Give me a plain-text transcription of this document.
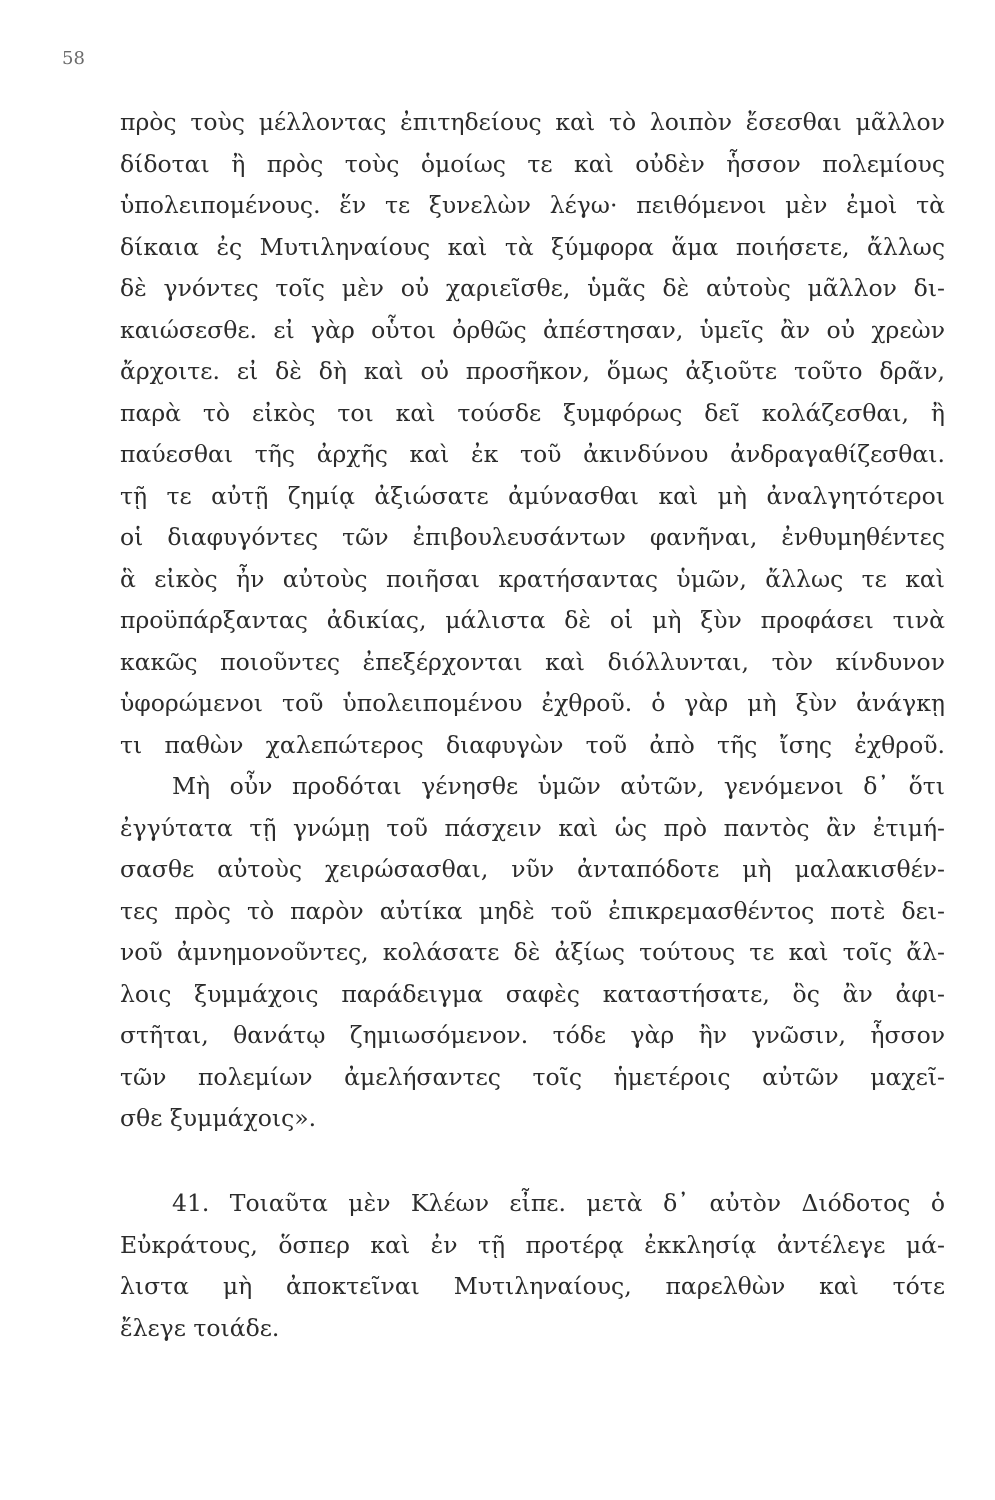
58
πρὸς τοὺς μέλλοντας ἐπιτηδείους καὶ τὸ λοιπὸν ἔσεσθαι μᾶλλον
δίδοται ἢ πρὸς τοὺς ὁμοίως τε καὶ οὐδὲν ἧσσον πολεμίους
ὑπολειπομένους. ἕν τε ξυνελὼν λέγω· πειθόμενοι μὲν ἐμοὶ τὰ
δίκαια ἐς Μυτιληναίους καὶ τὰ ξύμφορα ἅμα ποιήσετε, ἄλλως
δὲ γνόντες τοῖς μὲν οὐ χαριεῖσθε, ὑμᾶς δὲ αὐτοὺς μᾶλλον δι-
καιώσεσθε. εἰ γὰρ οὗτοι ὀρθῶς ἀπέστησαν, ὑμεῖς ἂν οὐ χρεὼν
ἄρχοιτε. εἰ δὲ δὴ καὶ οὐ προσῆκον, ὅμως ἀξιοῦτε τοῦτο δρᾶν,
παρὰ τὸ εἰκὸς τοι καὶ τούσδε ξυμφόρως δεῖ κολάζεσθαι, ἢ
παύεσθαι τῆς ἀρχῆς καὶ ἐκ τοῦ ἀκινδύνου ἀνδραγαθίζεσθαι.
τῇ τε αὐτῇ ζημίᾳ ἀξιώσατε ἀμύνασθαι καὶ μὴ ἀναλγητότεροι
οἱ διαφυγόντες τῶν ἐπιβουλευσάντων φανῆναι, ἐνθυμηθέντες
ἃ εἰκὸς ἦν αὐτοὺς ποιῆσαι κρατήσαντας ὑμῶν, ἄλλως τε καὶ
προϋπάρξαντας ἀδικίας, μάλιστα δὲ οἱ μὴ ξὺν προφάσει τινὰ
κακῶς ποιοῦντες ἐπεξέρχονται καὶ διόλλυνται, τὸν κίνδυνον
ὑφορώμενοι τοῦ ὑπολειπομένου ἐχθροῦ. ὁ γὰρ μὴ ξὺν ἀνάγκῃ
τι παθὼν χαλεπώτερος διαφυγὼν τοῦ ἀπὸ τῆς ἴσης ἐχθροῦ.
Μὴ οὖν προδόται γένησθε ὑμῶν αὐτῶν, γενόμενοι δ᾽ ὅτι
ἐγγύτατα τῇ γνώμῃ τοῦ πάσχειν καὶ ὡς πρὸ παντὸς ἂν ἐτιμή-
σασθε αὐτοὺς χειρώσασθαι, νῦν ἀνταπόδοτε μὴ μαλακισθέν-
τες πρὸς τὸ παρὸν αὐτίκα μηδὲ τοῦ ἐπικρεμασθέντος ποτὲ δει-
νοῦ ἀμνημονοῦντες, κολάσατε δὲ ἀξίως τούτους τε καὶ τοῖς ἄλ-
λοις ξυμμάχοις παράδειγμα σαφὲς καταστήσατε, ὃς ἂν ἀφι-
στῆται, θανάτῳ ζημιωσόμενον. τόδε γὰρ ἢν γνῶσιν, ἧσσον
τῶν πολεμίων ἀμελήσαντες τοῖς ἡμετέροις αὐτῶν μαχεῖ-
σθε ξυμμάχοις».
41. Τοιαῦτα μὲν Κλέων εἶπε. μετὰ δ᾽ αὐτὸν Διόδοτος ὁ
Εὐκράτους, ὅσπερ καὶ ἐν τῇ προτέρᾳ ἐκκλησίᾳ ἀντέλεγε μά-
λιστα μὴ ἀποκτεῖναι Μυτιληναίους, παρελθὼν καὶ τότε
ἔλεγε τοιάδε.
